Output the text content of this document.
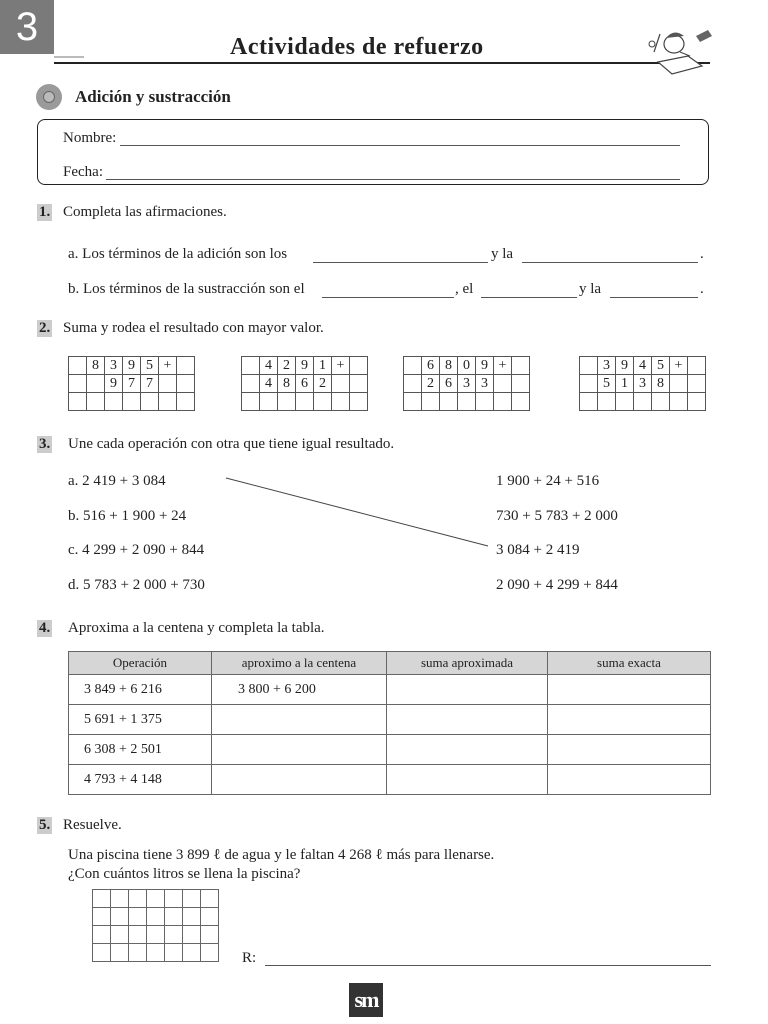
3	Actividades de refuerzo
Adición y sustracción
Nombre:
Fecha:
1. Completa las afirmaciones.
a. Los términos de la adición son los	y la	.
b. Los términos de la sustracción son el	, el	y la	.
2. Suma y rodea el resultado con mayor valor.
	8	3	9	5	+	
		9	7	7		

	4	2	9	1	+	
	4	8	6	2		

	6	8	0	9	+	
	2	6	3	3		

	3	9	4	5	+	
	5	1	3	8		

3. Une cada operación con otra que tiene igual resultado.
a. 2 419 + 3 084
b. 516 + 1 900 + 24
c. 4 299 + 2 090 + 844
d. 5 783 + 2 000 + 730
1 900 + 24 + 516
730 + 5 783 + 2 000
3 084 + 2 419
2 090 + 4 299 + 844
4. Aproxima a la centena y completa la tabla.
Operación	aproximo a la centena	suma aproximada	suma exacta
3 849 + 6 216	3 800 + 6 200		
5 691 + 1 375			
6 308 + 2 501			
4 793 + 4 148			
5. Resuelve.
Una piscina tiene 3 899 ℓ de agua y le faltan 4 268 ℓ más para llenarse.
¿Con cuántos litros se llena la piscina?

R:
sm
